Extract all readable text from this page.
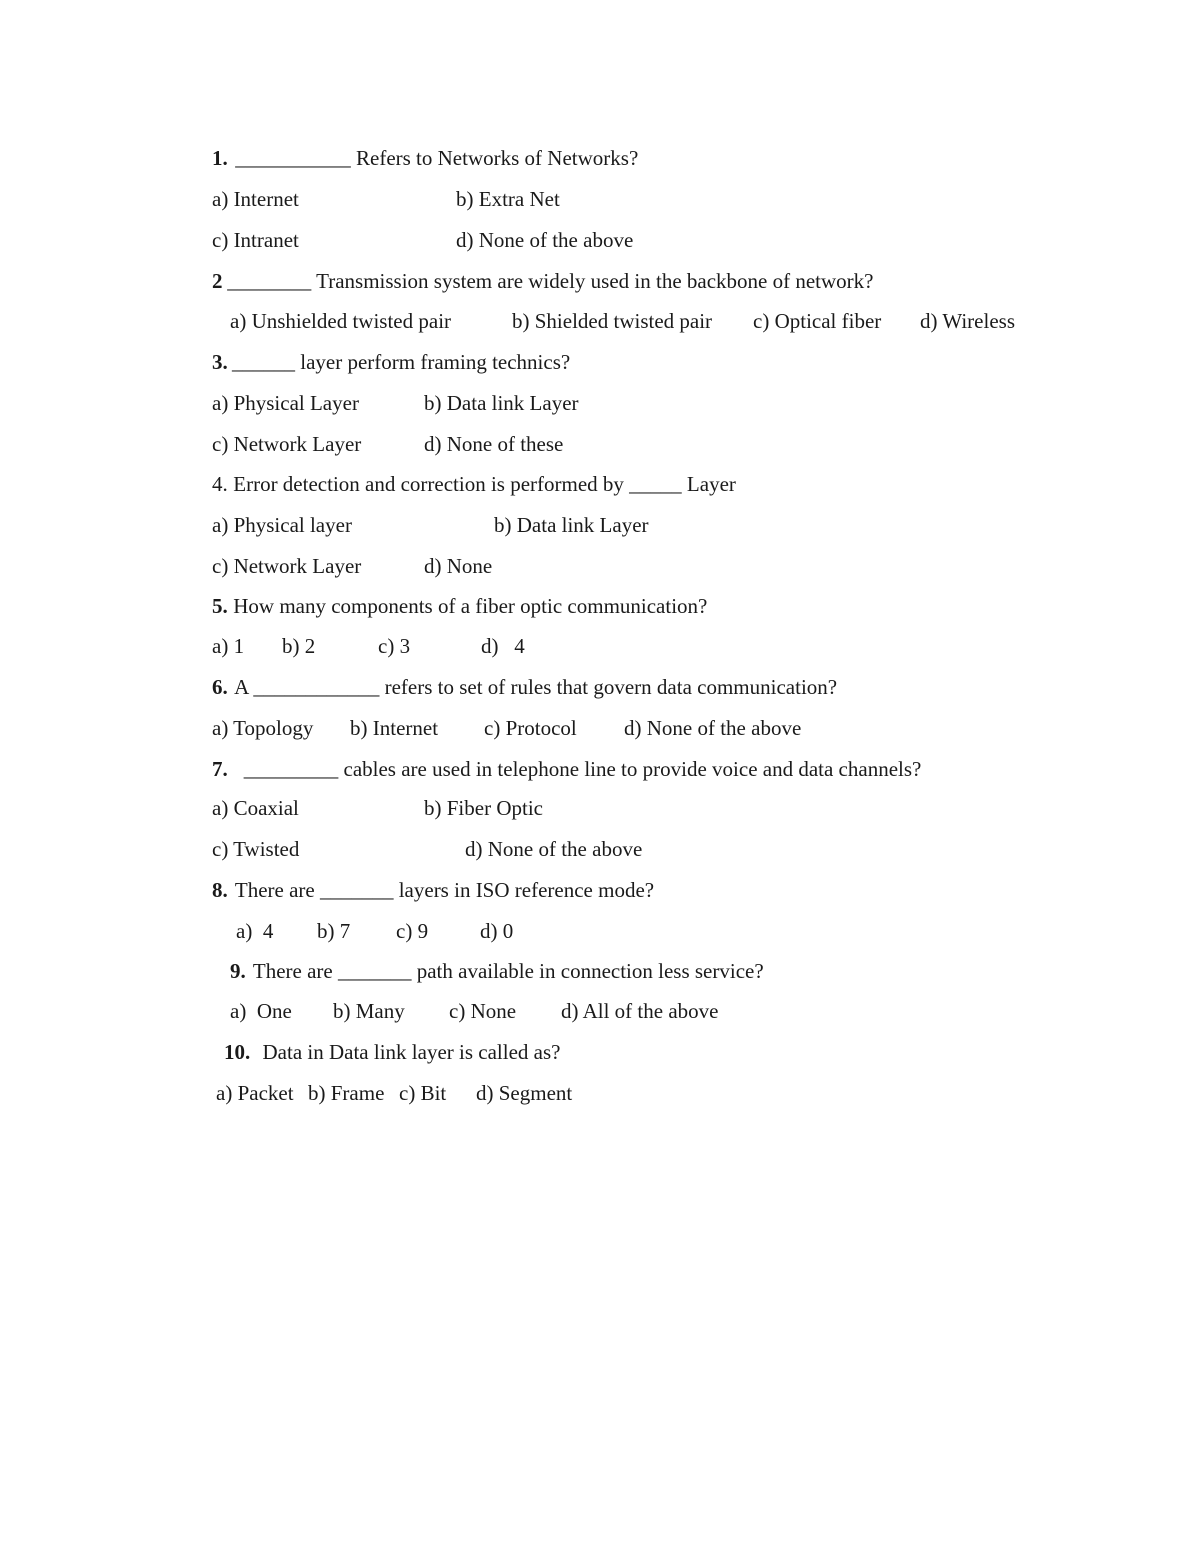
1. ___________ Refers to Networks of Networks?
a) Internet	b) Extra Net
c) Intranet	d) None of the above
2 ________ Transmission system are widely used in the backbone of network?
a) Unshielded twisted pair	b) Shielded twisted pair c) Optical fiber d) Wireless
3. ______ layer perform framing technics?
a) Physical Layer	b) Data link Layer
c) Network Layer	d) None of these
4. Error detection and correction is performed by _____ Layer
a) Physical layer	b) Data link Layer
c) Network Layer	d) None
5. How many components of a fiber optic communication?
a) 1 b) 2	c) 3	d)   4
6. A ____________ refers to set of rules that govern data communication?
a) Topology b) Internet c) Protocol d) None of the above
7. _________ cables are used in telephone line to provide voice and data channels?
a) Coaxial	b) Fiber Optic
c) Twisted	d) None of the above
8. There are _______ layers in ISO reference mode?
a)  4 b) 7 c) 9 d) 0
9. There are _______ path available in connection less service?
a)  One b) Many c) None d) All of the above
10. Data in Data link layer is called as?
a) Packet b) Frame c) Bit d) Segment
